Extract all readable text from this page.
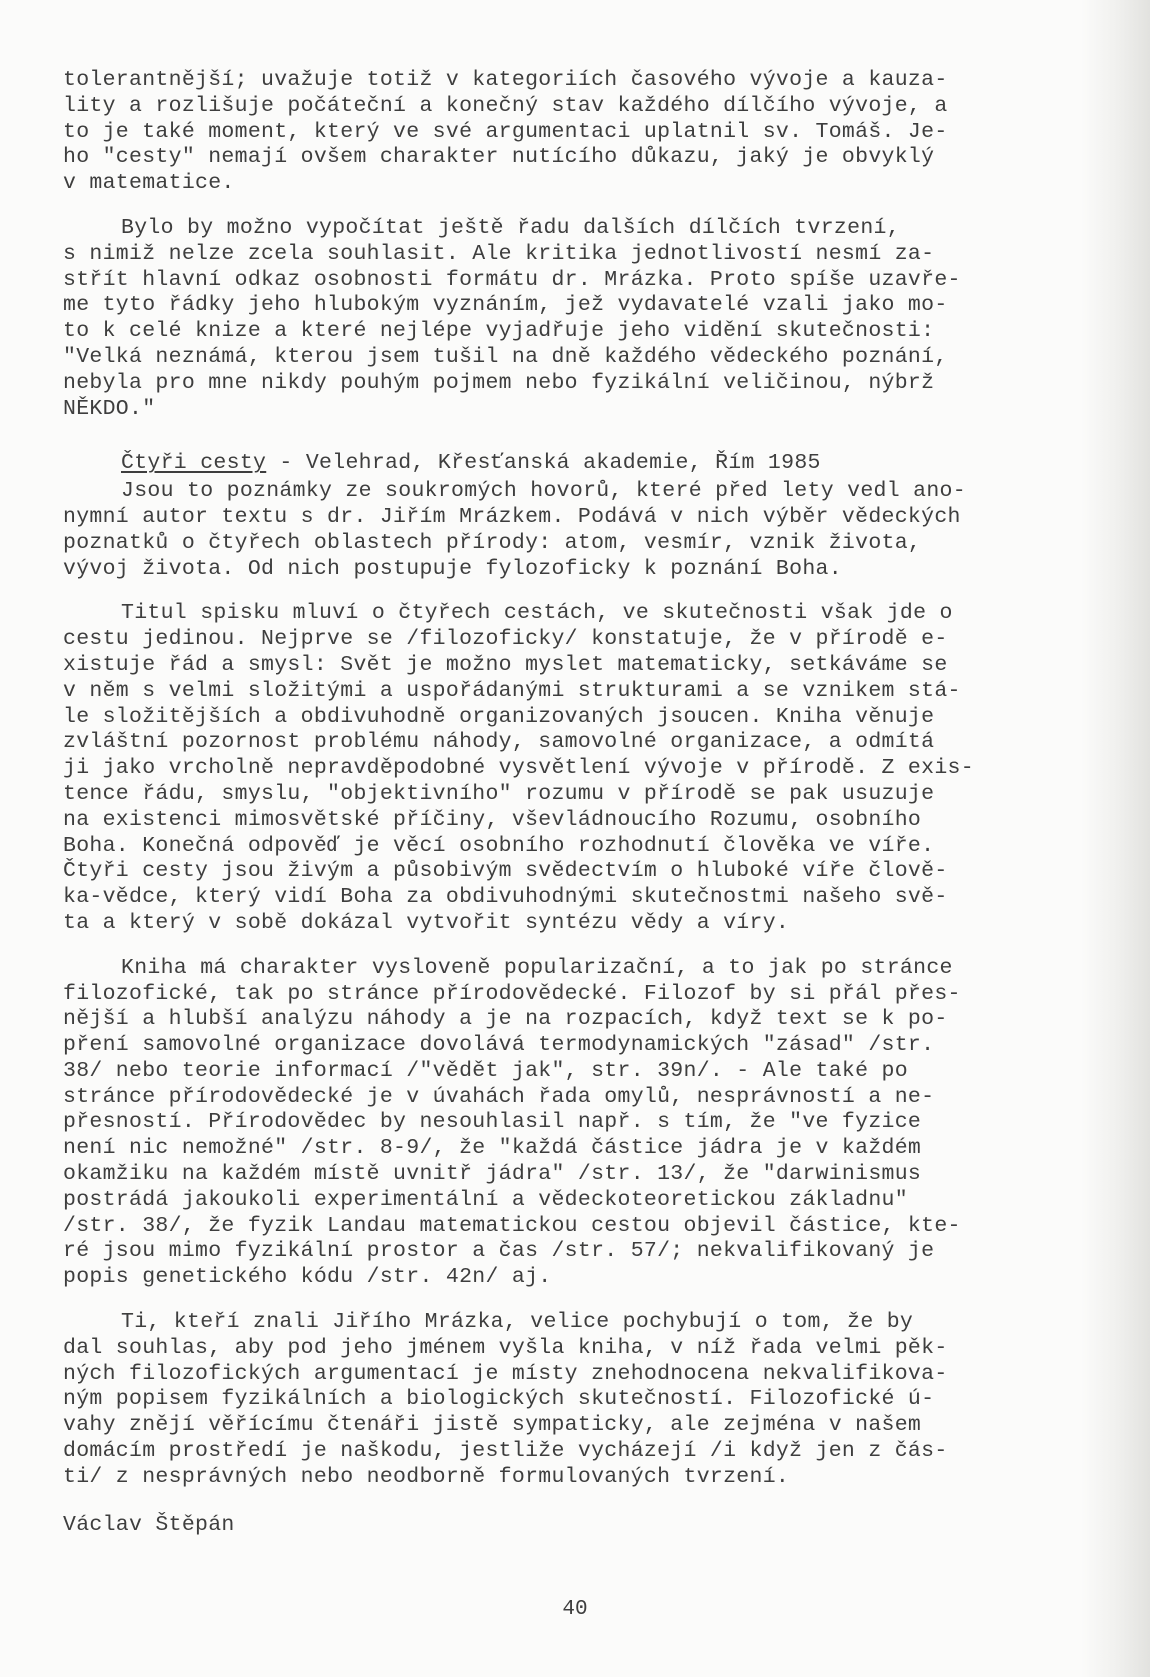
tolerantnější; uvažuje totiž v kategoriích časového vývoje a kauza-
lity a rozlišuje počáteční a konečný stav každého dílčího vývoje, a
to je také moment, který ve své argumentaci uplatnil sv. Tomáš. Je-
ho "cesty" nemají ovšem charakter nutícího důkazu, jaký je obvyklý
v matematice.
Bylo by možno vypočítat ještě řadu dalších dílčích tvrzení,
s nimiž nelze zcela souhlasit. Ale kritika jednotlivostí nesmí za-
střít hlavní odkaz osobnosti formátu dr. Mrázka. Proto spíše uzavře-
me tyto řádky jeho hlubokým vyznáním, jež vydavatelé vzali jako mo-
to k celé knize a které nejlépe vyjadřuje jeho vidění skutečnosti:
"Velká neznámá, kterou jsem tušil na dně každého vědeckého poznání,
nebyla pro mne nikdy pouhým pojmem nebo fyzikální veličinou, nýbrž
NĚKDO."
Čtyři cesty - Velehrad, Křesťanská akademie, Řím 1985
Jsou to poznámky ze soukromých hovorů, které před lety vedl ano-
nymní autor textu s dr. Jiřím Mrázkem. Podává v nich výběr vědeckých
poznatků o čtyřech oblastech přírody: atom, vesmír, vznik života,
vývoj života. Od nich postupuje fylozoficky k poznání Boha.
Titul spisku mluví o čtyřech cestách, ve skutečnosti však jde o
cestu jedinou. Nejprve se /filozoficky/ konstatuje, že v přírodě e-
xistuje řád a smysl: Svět je možno myslet matematicky, setkáváme se
v něm s velmi složitými a uspořádanými strukturami a se vznikem stá-
le složitějších a obdivuhodně organizovaných jsoucen. Kniha věnuje
zvláštní pozornost problému náhody, samovolné organizace, a odmítá
ji jako vrcholně nepravděpodobné vysvětlení vývoje v přírodě. Z exis-
tence řádu, smyslu, "objektivního" rozumu v přírodě se pak usuzuje
na existenci mimosvětské příčiny, vševládnoucího Rozumu, osobního
Boha. Konečná odpověď je věcí osobního rozhodnutí člověka ve víře.
Čtyři cesty jsou živým a působivým svědectvím o hluboké víře člově-
ka-vědce, který vidí Boha za obdivuhodnými skutečnostmi našeho svě-
ta a který v sobě dokázal vytvořit syntézu vědy a víry.
Kniha má charakter vysloveně popularizační, a to jak po stránce
filozofické, tak po stránce přírodovědecké. Filozof by si přál přes-
nější a hlubší analýzu náhody a je na rozpacích, když text se k po-
pření samovolné organizace dovolává termodynamických "zásad" /str.
38/ nebo teorie informací /"vědět jak", str. 39n/. - Ale také po
stránce přírodovědecké je v úvahách řada omylů, nesprávností a ne-
přesností. Přírodovědec by nesouhlasil např. s tím, že "ve fyzice
není nic nemožné" /str. 8-9/, že "každá částice jádra je v každém
okamžiku na každém místě uvnitř jádra" /str. 13/, že "darwinismus
postrádá jakoukoli experimentální a vědeckoteoretickou základnu"
/str. 38/, že fyzik Landau matematickou cestou objevil částice, kte-
ré jsou mimo fyzikální prostor a čas /str. 57/; nekvalifikovaný je
popis genetického kódu /str. 42n/ aj.
Ti, kteří znali Jiřího Mrázka, velice pochybují o tom, že by
dal souhlas, aby pod jeho jménem vyšla kniha, v níž řada velmi pěk-
ných filozofických argumentací je místy znehodnocena nekvalifikova-
ným popisem fyzikálních a biologických skutečností. Filozofické ú-
vahy znějí věřícímu čtenáři jistě sympaticky, ale zejména v našem
domácím prostředí je naškodu, jestliže vycházejí /i když jen z čás-
ti/ z nesprávných nebo neodborně formulovaných tvrzení.
Václav Štěpán
40
